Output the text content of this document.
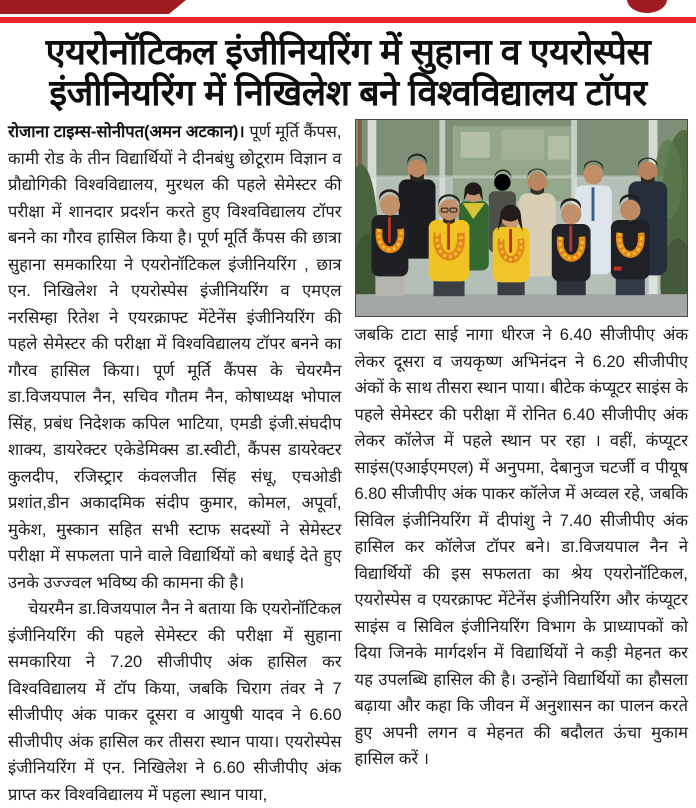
एयरोनॉटिकल इंजीनियरिंग में सुहाना व एयरोस्पेस
इंजीनियरिंग में निखिलेश बने विश्वविद्यालय टॉपर

रोजाना टाइम्स-सोनीपत(अमन अटकान)। पूर्ण मूर्ति कैंपस, कामी रोड के तीन विद्यार्थियों ने दीनबंधु छोटूराम विज्ञान व प्रौद्योगिकी विश्वविद्यालय, मुरथल की पहले सेमेस्टर की परीक्षा में शानदार प्रदर्शन करते हुए विश्वविद्यालय टॉपर बनने का गौरव हासिल किया है। पूर्ण मूर्ति कैंपस की छात्रा सुहाना समकारिया ने एयरोनॉटिकल इंजीनियरिंग , छात्र एन. निखिलेश ने एयरोस्पेस इंजीनियरिंग व एमएल नरसिम्हा रितेश ने एयरक्राफ्ट मेंटेनेंस इंजीनियरिंग की पहले सेमेस्टर की परीक्षा में विश्वविद्यालय टॉपर बनने का गौरव हासिल किया। पूर्ण मूर्ति कैंपस के चेयरमैन डा.विजयपाल नैन, सचिव गौतम नैन, कोषाध्यक्ष भोपाल सिंह, प्रबंध निदेशक कपिल भाटिया, एमडी इंजी.संघदीप शाक्य, डायरेक्टर एकेडेमिक्स डा.स्वीटी, कैंपस डायरेक्टर कुलदीप, रजिस्ट्रार कंवलजीत सिंह संधू, एचओडी प्रशांत,डीन अकादमिक संदीप कुमार, कोमल, अपूर्वा, मुकेश, मुस्कान सहित सभी स्टाफ सदस्यों ने सेमेस्टर परीक्षा में सफलता पाने वाले विद्यार्थियों को बधाई देते हुए उनके उज्ज्वल भविष्य की कामना की है।

चेयरमैन डा.विजयपाल नैन ने बताया कि एयरोनॉटिकल इंजीनियरिंग की पहले सेमेस्टर की परीक्षा में सुहाना समकारिया ने 7.20 सीजीपीए अंक हासिल कर विश्वविद्यालय में टॉप किया, जबकि चिराग तंवर ने 7 सीजीपीए अंक पाकर दूसरा व आयुषी यादव ने 6.60 सीजीपीए अंक हासिल कर तीसरा स्थान पाया। एयरोस्पेस इंजीनियरिंग में एन. निखिलेश ने 6.60 सीजीपीए अंक प्राप्त कर विश्वविद्यालय में पहला स्थान पाया,

जबकि टाटा साई नागा धीरज ने 6.40 सीजीपीए अंक लेकर दूसरा व जयकृष्ण अभिनंदन ने 6.20 सीजीपीए अंकों के साथ तीसरा स्थान पाया। बीटेक कंप्यूटर साइंस के पहले सेमेस्टर की परीक्षा में रोनित 6.40 सीजीपीए अंक लेकर कॉलेज में पहले स्थान पर रहा । वहीं, कंप्यूटर साइंस(एआईएमएल) में अनुपमा, देबानुज चटर्जी व पीयूष 6.80 सीजीपीए अंक पाकर कॉलेज में अव्वल रहे, जबकि सिविल इंजीनियरिंग में दीपांशु ने 7.40 सीजीपीए अंक हासिल कर कॉलेज टॉपर बने। डा.विजयपाल नैन ने विद्यार्थियों की इस सफलता का श्रेय एयरोनॉटिकल, एयरोस्पेस व एयरक्राफ्ट मेंटेनेंस इंजीनियरिंग और कंप्यूटर साइंस व सिविल इंजीनियरिंग विभाग के प्राध्यापकों को दिया जिनके मार्गदर्शन में विद्यार्थियों ने कड़ी मेहनत कर यह उपलब्धि हासिल की है। उन्होंने विद्यार्थियों का हौसला बढ़ाया और कहा कि जीवन में अनुशासन का पालन करते हुए अपनी लगन व मेहनत की बदौलत ऊंचा मुकाम हासिल करें ।
